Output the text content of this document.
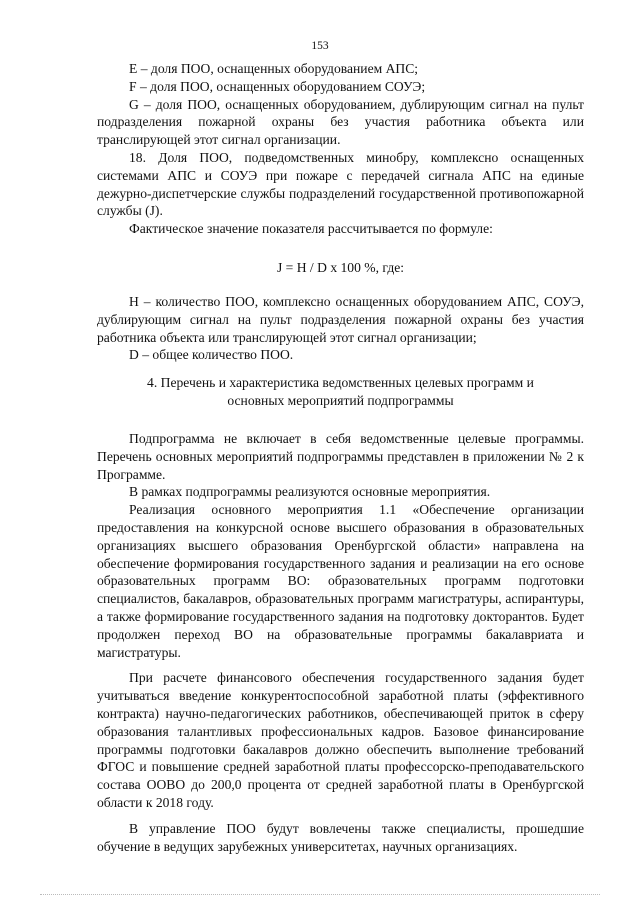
153

E – доля ПОО, оснащенных оборудованием АПС;

F – доля ПОО, оснащенных оборудованием СОУЭ;

G – доля ПОО, оснащенных оборудованием, дублирующим сигнал на пульт подразделения пожарной охраны без участия работника объекта или транслирующей этот сигнал организации.

18. Доля ПОО, подведомственных минобру, комплексно оснащенных системами АПС и СОУЭ при пожаре с передачей сигнала АПС на единые дежурно-диспетчерские службы подразделений государственной противопожарной службы (J).

Фактическое значение показателя рассчитывается по формуле:

J = H / D x 100 %, где:

H – количество ПОО, комплексно оснащенных оборудованием АПС, СОУЭ, дублирующим сигнал на пульт подразделения пожарной охраны без участия работника объекта или транслирующей этот сигнал организации;

D – общее количество ПОО.

4. Перечень и характеристика ведомственных целевых программ и
основных мероприятий подпрограммы

Подпрограмма не включает в себя ведомственные целевые программы. Перечень основных мероприятий подпрограммы представлен в приложении № 2 к Программе.

В рамках подпрограммы реализуются основные мероприятия.

Реализация основного мероприятия 1.1 «Обеспечение организации предоставления на конкурсной основе высшего образования в образовательных организациях высшего образования Оренбургской области» направлена на обеспечение формирования государственного задания и реализации на его основе образовательных программ ВО: образовательных программ подготовки специалистов, бакалавров, образовательных программ магистратуры, аспирантуры, а также формирование государственного задания на подготовку докторантов. Будет продолжен переход ВО на образовательные программы бакалавриата и магистратуры.

При расчете финансового обеспечения государственного задания будет учитываться введение конкурентоспособной заработной платы (эффективного контракта) научно-педагогических работников, обеспечивающей приток в сферу образования талантливых профессиональных кадров. Базовое финансирование программы подготовки бакалавров должно обеспечить выполнение требований ФГОС и повышение средней заработной платы профессорско-преподавательского состава ООВО до 200,0 процента от средней заработной платы в Оренбургской области к 2018 году.

В управление ПОО будут вовлечены также специалисты, прошедшие обучение в ведущих зарубежных университетах, научных организациях.
